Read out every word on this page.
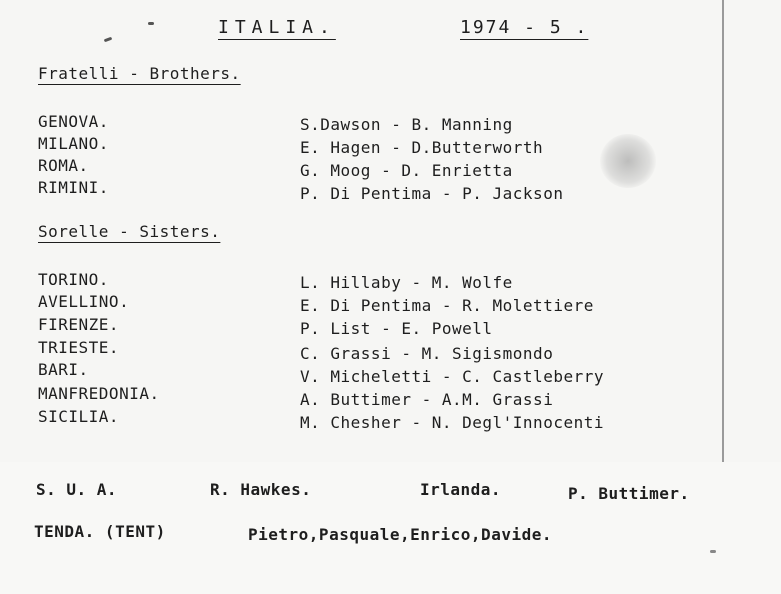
ITALIA.	1974 - 5 .
Fratelli - Brothers.
GENOVA.	S.Dawson - B. Manning
MILANO.	E. Hagen - D.Butterworth
ROMA.	G. Moog - D. Enrietta
RIMINI.	P. Di Pentima - P. Jackson
Sorelle - Sisters.
TORINO.	L. Hillaby - M. Wolfe
AVELLINO.	E. Di Pentima - R. Molettiere
FIRENZE.	P. List - E. Powell
TRIESTE.	C. Grassi - M. Sigismondo
BARI.	V. Micheletti - C. Castleberry
MANFREDONIA.	A. Buttimer - A.M. Grassi
SICILIA.	M. Chesher - N. Degl'Innocenti
S. U. A.	R. Hawkes.	Irlanda.	P. Buttimer.
TENDA. (TENT)	Pietro,Pasquale,Enrico,Davide.
